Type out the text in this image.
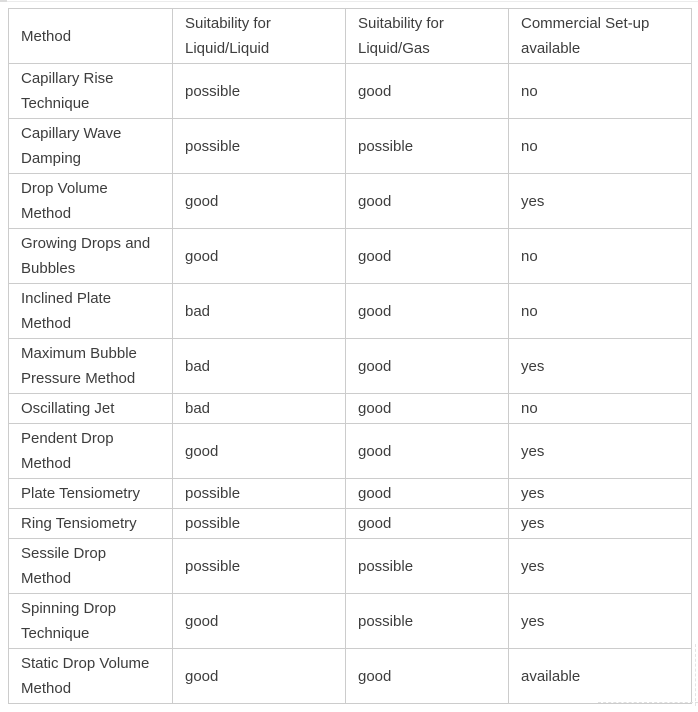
Method	Suitability for Liquid/Liquid	Suitability for Liquid/Gas	Commercial Set-up available
Capillary Rise Technique	possible	good	no
Capillary Wave Damping	possible	possible	no
Drop Volume Method	good	good	yes
Growing Drops and Bubbles	good	good	no
Inclined Plate Method	bad	good	no
Maximum Bubble Pressure Method	bad	good	yes
Oscillating Jet	bad	good	no
Pendent Drop Method	good	good	yes
Plate Tensiometry	possible	good	yes
Ring Tensiometry	possible	good	yes
Sessile Drop Method	possible	possible	yes
Spinning Drop Technique	good	possible	yes
Static Drop Volume Method	good	good	available
